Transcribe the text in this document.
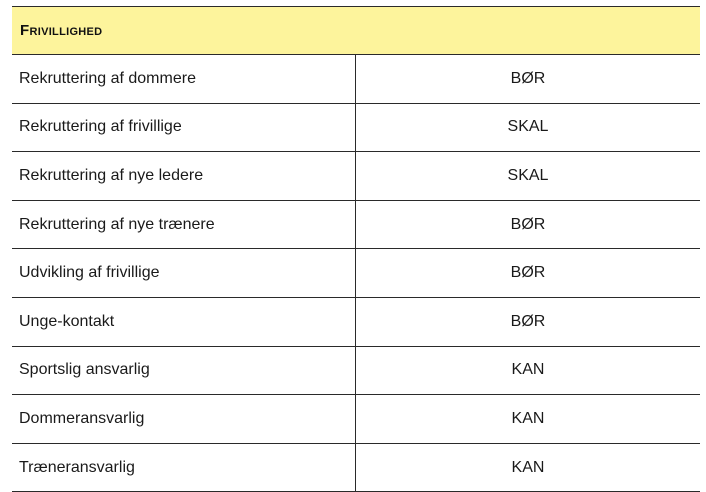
Frivillighed
Rekruttering af dommere	BØR
Rekruttering af frivillige	SKAL
Rekruttering af nye ledere	SKAL
Rekruttering af nye trænere	BØR
Udvikling af frivillige	BØR
Unge-kontakt	BØR
Sportslig ansvarlig	KAN
Dommeransvarlig	KAN
Træneransvarlig	KAN
